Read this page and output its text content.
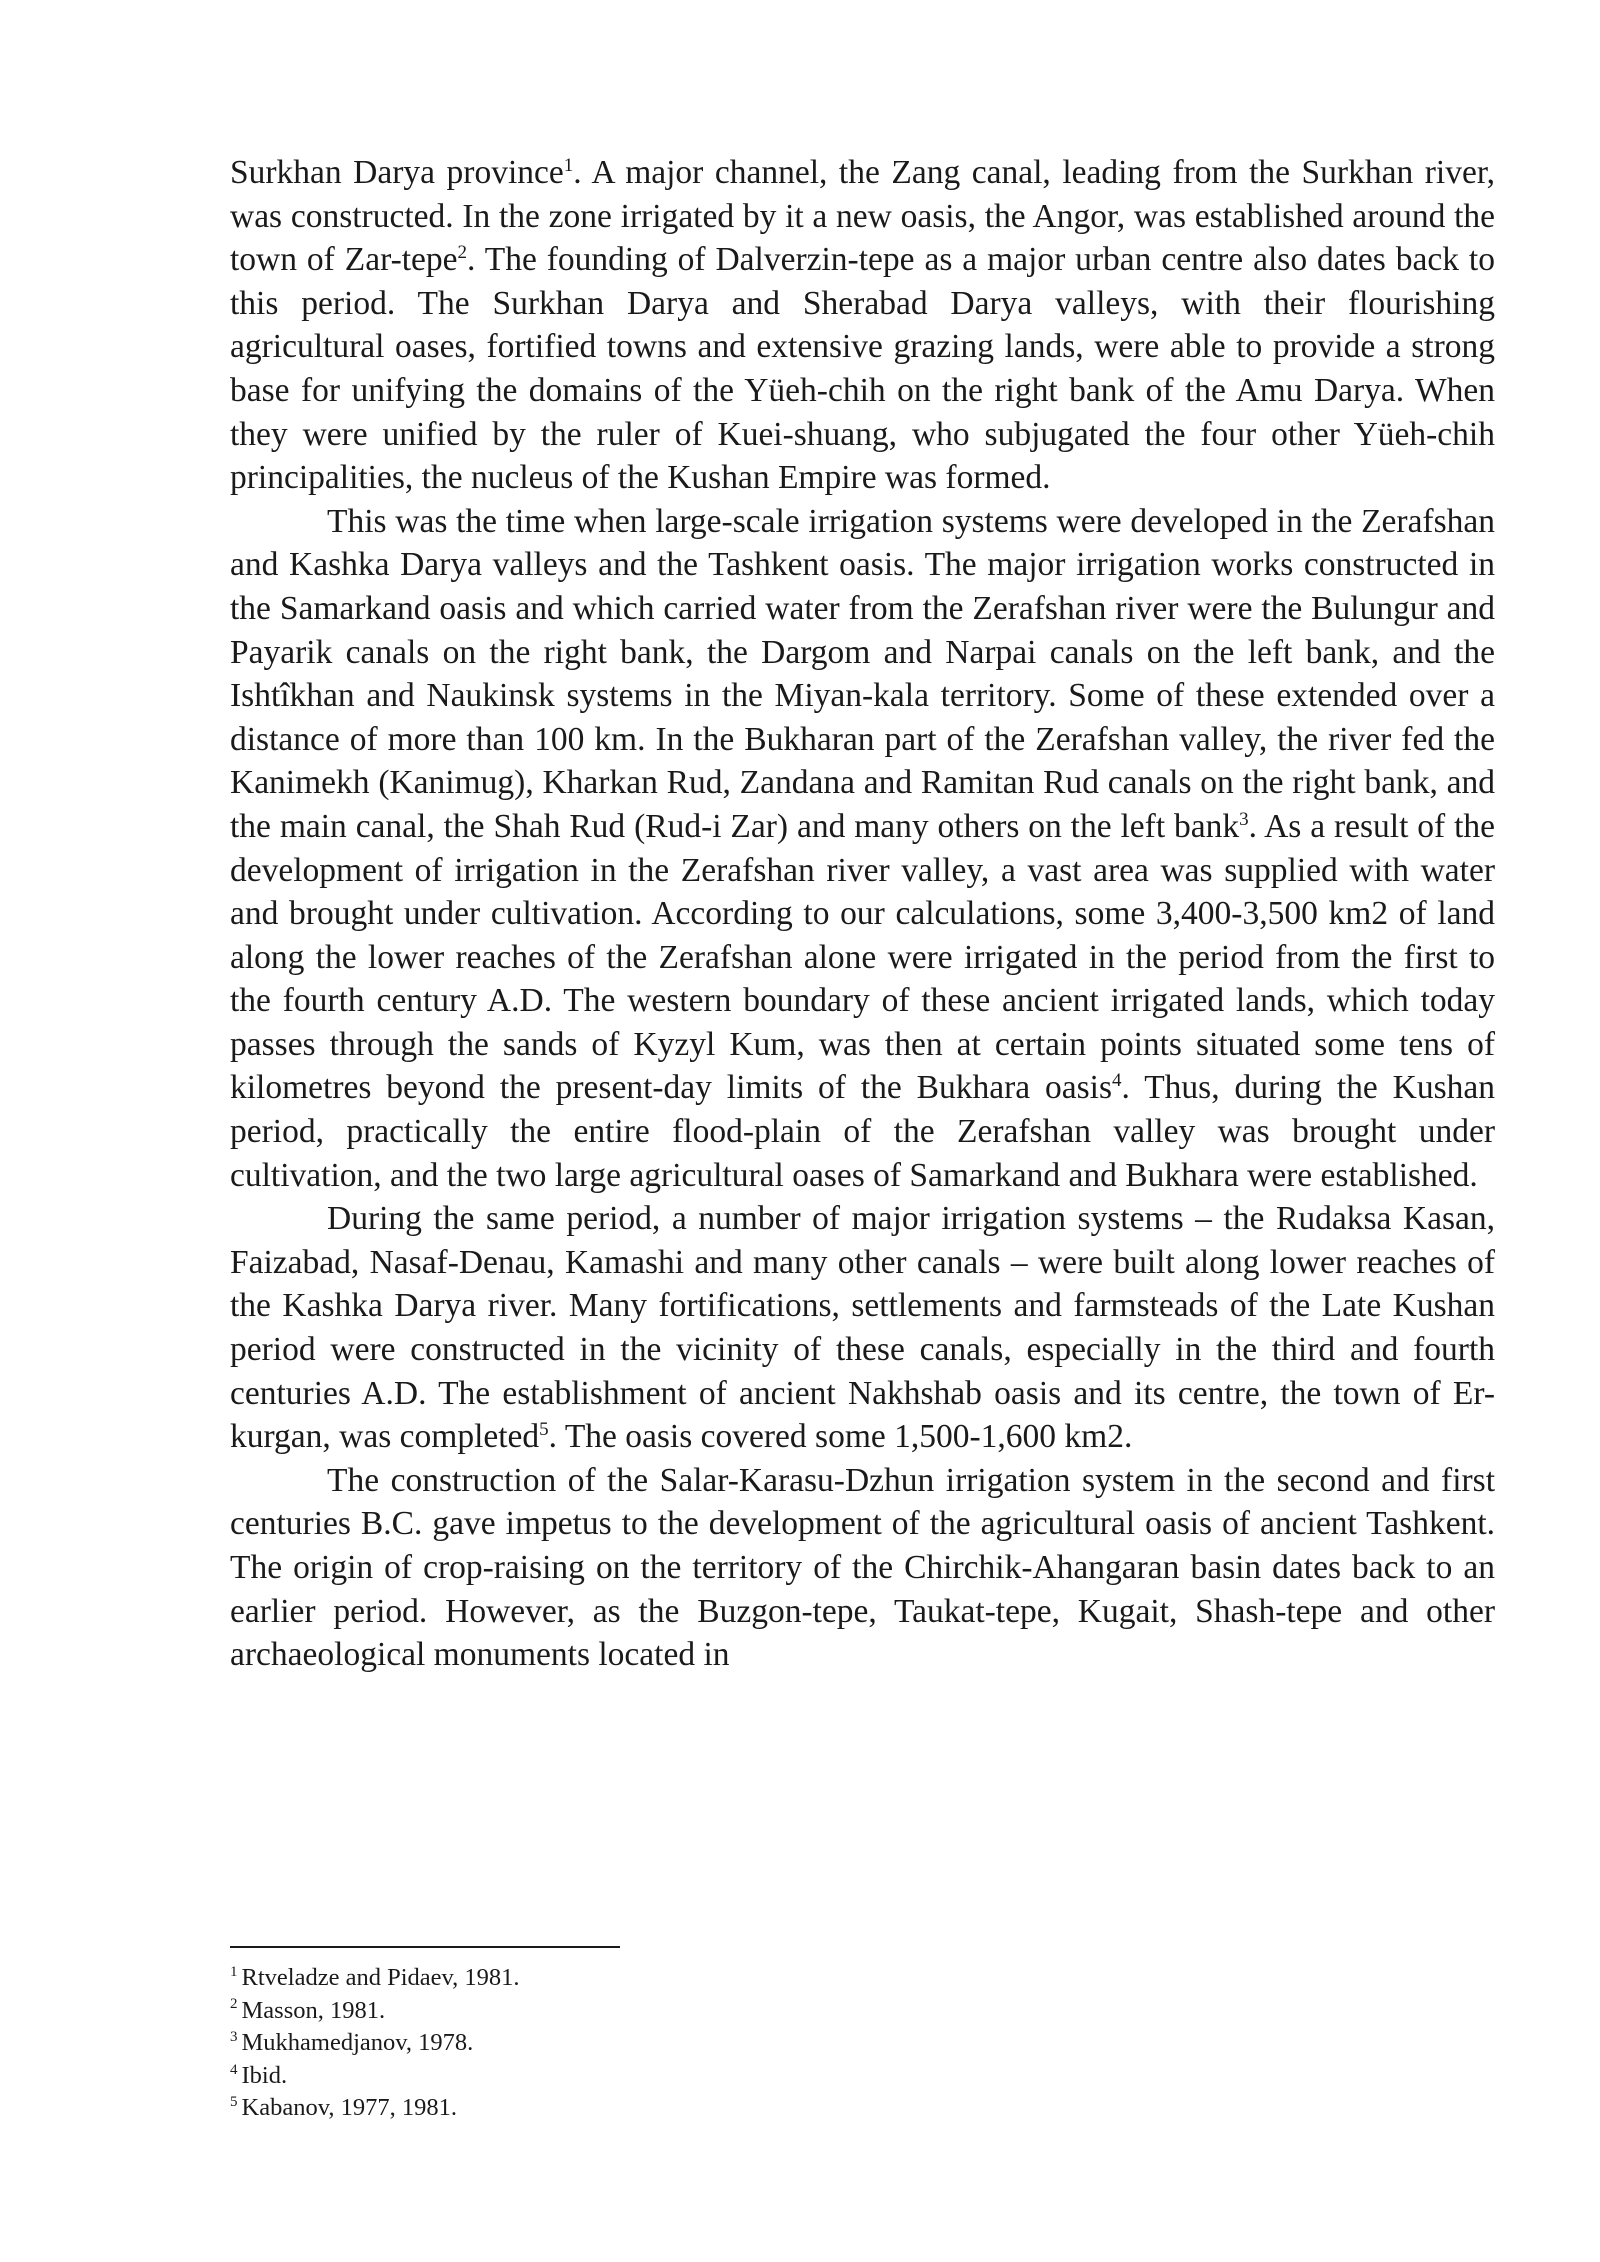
Surkhan Darya province$^1$. A major channel, the Zang canal, leading from the Surkhan river, was constructed. In the zone irrigated by it a new oasis, the Angor, was established around the town of Zar-tepe$^2$. The founding of Dalverzin-tepe as a major urban centre also dates back to this period. The Surkhan Darya and Sherabad Darya valleys, with their flourishing agricultural oases, fortified towns and extensive grazing lands, were able to provide a strong base for unifying the domains of the Yüeh-chih on the right bank of the Amu Darya. When they were unified by the ruler of Kuei-shuang, who subjugated the four other Yüeh-chih principalities, the nucleus of the Kushan Empire was formed.

This was the time when large-scale irrigation systems were developed in the Zerafshan and Kashka Darya valleys and the Tashkent oasis. The major irrigation works constructed in the Samarkand oasis and which carried water from the Zerafshan river were the Bulungur and Payarik canals on the right bank, the Dargom and Narpai canals on the left bank, and the Ishtîkhan and Naukinsk systems in the Miyan-kala territory. Some of these extended over a distance of more than 100 km. In the Bukharan part of the Zerafshan valley, the river fed the Kanimekh (Kanimug), Kharkan Rud, Zandana and Ramitan Rud canals on the right bank, and the main canal, the Shah Rud (Rud-i Zar) and many others on the left bank$^3$. As a result of the development of irrigation in the Zerafshan river valley, a vast area was supplied with water and brought under cultivation. According to our calculations, some 3,400-3,500 km2 of land along the lower reaches of the Zerafshan alone were irrigated in the period from the first to the fourth century A.D. The western boundary of these ancient irrigated lands, which today passes through the sands of Kyzyl Kum, was then at certain points situated some tens of kilometres beyond the present-day limits of the Bukhara oasis$^4$. Thus, during the Kushan period, practically the entire flood-plain of the Zerafshan valley was brought under cultivation, and the two large agricultural oases of Samarkand and Bukhara were established.

During the same period, a number of major irrigation systems – the Rudaksa Kasan, Faizabad, Nasaf-Denau, Kamashi and many other canals – were built along lower reaches of the Kashka Darya river. Many fortifications, settlements and farmsteads of the Late Kushan period were constructed in the vicinity of these canals, especially in the third and fourth centuries A.D. The establishment of ancient Nakhshab oasis and its centre, the town of Er-kurgan, was completed$^5$. The oasis covered some 1,500-1,600 km2.

The construction of the Salar-Karasu-Dzhun irrigation system in the second and first centuries B.C. gave impetus to the development of the agricultural oasis of ancient Tashkent. The origin of crop-raising on the territory of the Chirchik-Ahangaran basin dates back to an earlier period. However, as the Buzgon-tepe, Taukat-tepe, Kugait, Shash-tepe and other archaeological monuments located in

$^1$ Rtveladze and Pidaev, 1981.

$^2$ Masson, 1981.

$^3$ Mukhamedjanov, 1978.

$^4$ Ibid.

$^5$ Kabanov, 1977, 1981.
